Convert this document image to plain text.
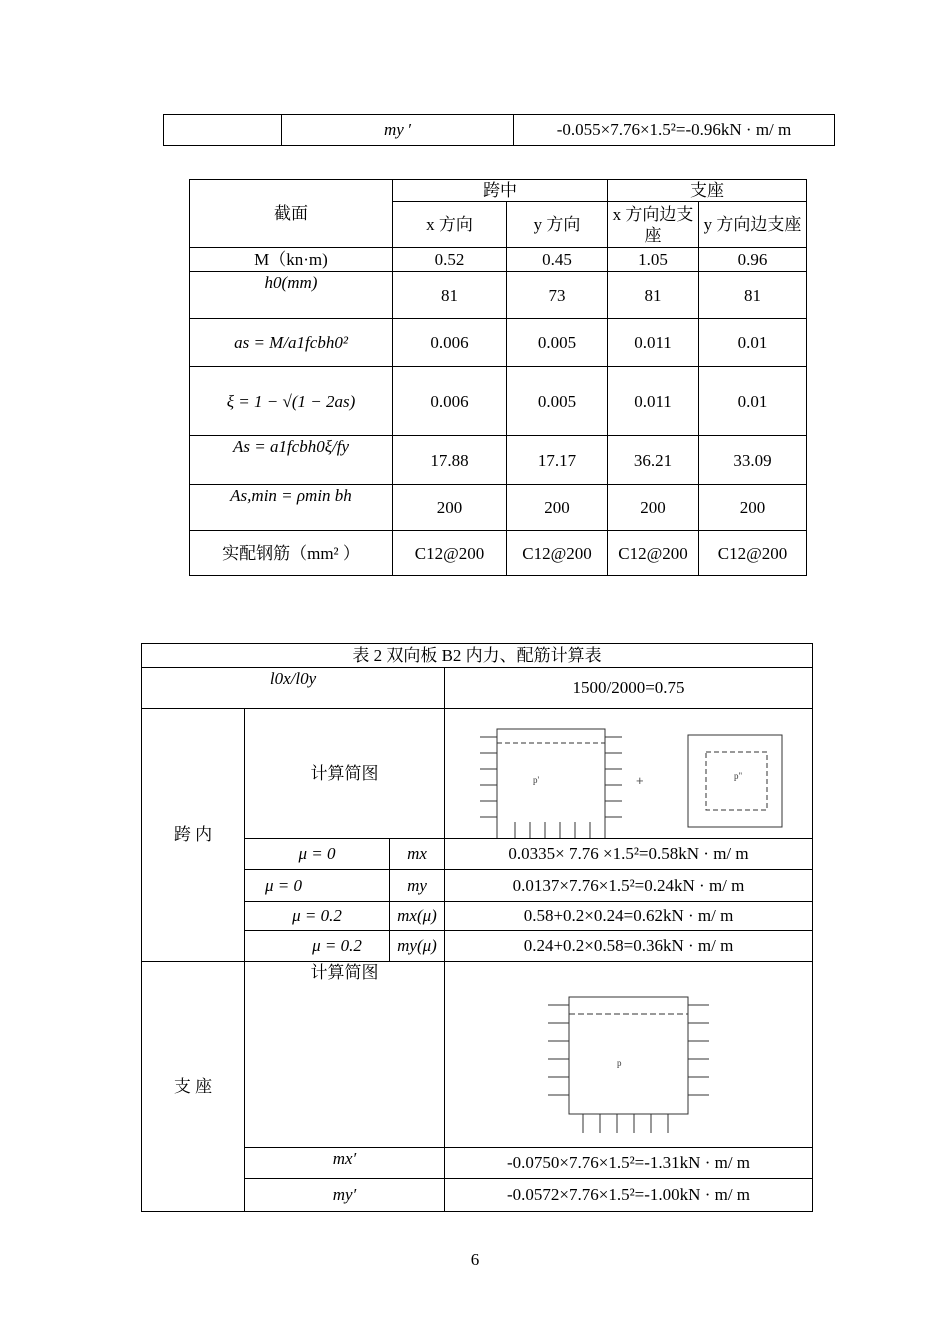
	my ′	-0.055×7.76×1.5²=-0.96kN · m/ m
截面	跨中		支座	
	x 方向	y 方向	x 方向边支座	y 方向边支座
M（kn·m)	0.52	0.45	1.05	0.96
h0(mm)	81	73	81	81
as = M/a1fcbh0²	0.006	0.005	0.011	0.01
ξ = 1 − √(1 − 2as)	0.006	0.005	0.011	0.01
As = a1fcbh0ξ/fy	17.88	17.17	36.21	33.09
As,min = ρmin bh	200	200	200	200
实配钢筋（mm² ）	C12@200	C12@200	C12@200	C12@200
表 2 双向板 B2 内力、配筋计算表			
l0x/l0y			1500/2000=0.75
跨 内	计算简图		p' + p"

	μ = 0	mx	0.0335× 7.76 ×1.5²=0.58kN · m/ m
	μ = 0	my	0.0137×7.76×1.5²=0.24kN · m/ m
	μ = 0.2	mx(μ)	0.58+0.2×0.24=0.62kN · m/ m
	μ = 0.2	my(μ)	0.24+0.2×0.58=0.36kN · m/ m
支 座	计算简图		p

	mx′		-0.0750×7.76×1.5²=-1.31kN · m/ m
	my′		-0.0572×7.76×1.5²=-1.00kN · m/ m
6
